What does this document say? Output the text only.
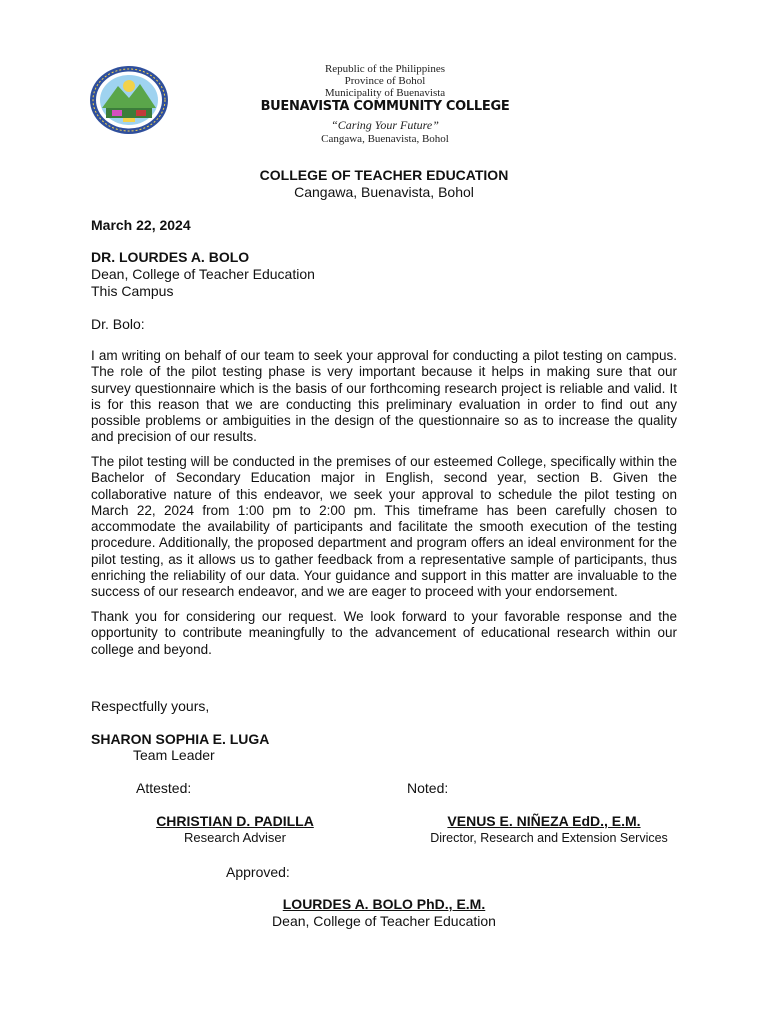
Republic of the Philippines
Province of Bohol
Municipality of Buenavista
BUENAVISTA COMMUNITY COLLEGE
“Caring Your Future”
Cangawa, Buenavista, Bohol
COLLEGE OF TEACHER EDUCATION
Cangawa, Buenavista, Bohol
March 22, 2024
DR. LOURDES A. BOLO
Dean, College of Teacher Education
This Campus
Dr. Bolo:
I am writing on behalf of our team to seek your approval for conducting a pilot testing on campus. The role of the pilot testing phase is very important because it helps in making sure that our survey questionnaire which is the basis of our forthcoming research project is reliable and valid. It is for this reason that we are conducting this preliminary evaluation in order to find out any possible problems or ambiguities in the design of the questionnaire so as to increase the quality and precision of our results.
The pilot testing will be conducted in the premises of our esteemed College, specifically within the Bachelor of Secondary Education major in English, second year, section B. Given the collaborative nature of this endeavor, we seek your approval to schedule the pilot testing on March 22, 2024 from 1:00 pm to 2:00 pm. This timeframe has been carefully chosen to accommodate the availability of participants and facilitate the smooth execution of the testing procedure. Additionally, the proposed department and program offers an ideal environment for the pilot testing, as it allows us to gather feedback from a representative sample of participants, thus enriching the reliability of our data. Your guidance and support in this matter are invaluable to the success of our research endeavor, and we are eager to proceed with your endorsement.
Thank you for considering our request. We look forward to your favorable response and the opportunity to contribute meaningfully to the advancement of educational research within our college and beyond.
Respectfully yours,
SHARON SOPHIA E. LUGA
Team Leader
Attested:	Noted:
CHRISTIAN D. PADILLA
Research Adviser
VENUS E. NIÑEZA EdD., E.M.
Director, Research and Extension Services
Approved:
LOURDES A. BOLO PhD., E.M.
Dean, College of Teacher Education
